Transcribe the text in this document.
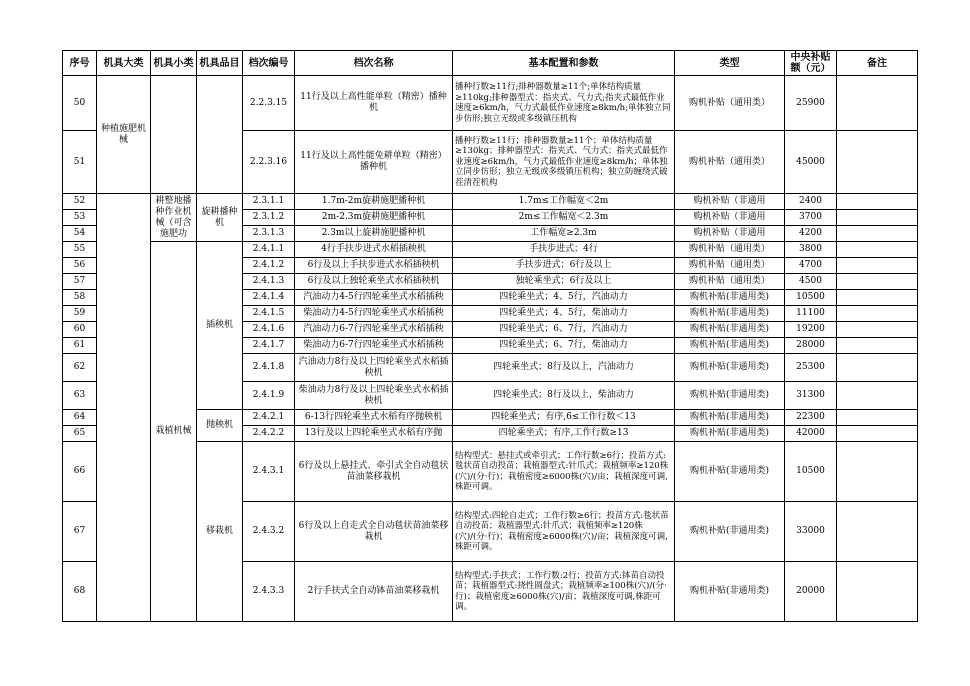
序号	机具大类	机具小类	机具品目	档次编号	档次名称	基本配置和参数	类型	中央补贴额（元）	备注
50	种植施肥机械			2.2.3.15	11行及以上高性能单粒（精密）播种机	播种行数≥11行;排种器数量≥11个;单体结构质量≥110kg;排种器型式：指夹式、气力式;指夹式最低作业速度≥6km/h，气力式最低作业速度≥8km/h;单体独立同步仿形;独立无级或多级镇压机构	购机补贴（通用类）	25900	
51				2.2.3.16	11行及以上高性能免耕单粒（精密）播种机	播种行数≥11行；排种器数量≥11个；单体结构质量≥130kg；排种器型式：指夹式、气力式；指夹式最低作业速度≥6km/h，气力式最低作业速度≥8km/h；单体独立同步仿形；独立无级或多级镇压机构；独立防缠绕式破茬清茬机构	购机补贴（通用类）	45000	
52		耕整地播种作业机械（可含施肥功	旋耕播种机	2.3.1.1	1.7m-2m旋耕施肥播种机	1.7m≤工作幅宽＜2m	购机补贴（非通用	2400	
53				2.3.1.2	2m-2.3m旋耕施肥播种机	2m≤工作幅宽＜2.3m	购机补贴（非通用	3700	
54				2.3.1.3	2.3m以上旋耕施肥播种机	工作幅宽≥2.3m	购机补贴（非通用	4200	
55		栽植机械	插秧机	2.4.1.1	4行手扶步进式水稻插秧机	手扶步进式；4行	购机补贴（通用类）	3800	
56				2.4.1.2	6行及以上手扶步进式水稻插秧机	手扶步进式；6行及以上	购机补贴（通用类）	4700	
57				2.4.1.3	6行及以上独轮乘坐式水稻插秧机	独轮乘坐式；6行及以上	购机补贴（通用类）	4500	
58				2.4.1.4	汽油动力4-5行四轮乘坐式水稻插秧	四轮乘坐式；4、5行，汽油动力	购机补贴(非通用类)	10500	
59				2.4.1.5	柴油动力4-5行四轮乘坐式水稻插秧	四轮乘坐式；4、5行，柴油动力	购机补贴(非通用类)	11100	
60				2.4.1.6	汽油动力6-7行四轮乘坐式水稻插秧	四轮乘坐式；6、7行，汽油动力	购机补贴(非通用类)	19200	
61				2.4.1.7	柴油动力6-7行四轮乘坐式水稻插秧	四轮乘坐式；6、7行，柴油动力	购机补贴(非通用类)	28000	
62				2.4.1.8	汽油动力8行及以上四轮乘坐式水稻插秧机	四轮乘坐式；8行及以上，汽油动力	购机补贴(非通用类)	25300	
63				2.4.1.9	柴油动力8行及以上四轮乘坐式水稻插秧机	四轮乘坐式；8行及以上，柴油动力	购机补贴(非通用类)	31300	
64			抛秧机	2.4.2.1	6-13行四轮乘坐式水稻有序抛秧机	四轮乘坐式；有序,6≤工作行数＜13	购机补贴(非通用类)	22300	
65				2.4.2.2	13行及以上四轮乘坐式水稻有序抛	四轮乘坐式；有序,工作行数≥13	购机补贴(非通用类)	42000	
66			移栽机	2.4.3.1	6行及以上悬挂式、牵引式全自动毯状苗油菜移栽机	结构型式：悬挂式或牵引式；工作行数≥6行；投苗方式:毯状苗自动投苗；栽植器型式:针爪式；栽植频率≥120株(穴)/(分·行)；栽植密度≥6000株(穴)/亩；栽植深度可调,株距可调。	购机补贴(非通用类)	10500	
67				2.4.3.2	6行及以上自走式全自动毯状苗油菜移栽机	结构型式:四轮自走式；工作行数≥6行；投苗方式:毯状苗自动投苗；栽植器型式:针爪式；栽植频率≥120株(穴)/(分·行)；栽植密度≥6000株(穴)/亩；栽植深度可调,株距可调。	购机补贴(非通用类)	33000	
68				2.4.3.3	2行手扶式全自动钵苗油菜移栽机	结构型式:手扶式；工作行数:2行；投苗方式:钵苗自动投苗；栽植器型式:挠性圆盘式；栽植频率≥100株(穴)/(分·行)；栽植密度≥6000株(穴)/亩；栽植深度可调,株距可调。	购机补贴(非通用类)	20000	
